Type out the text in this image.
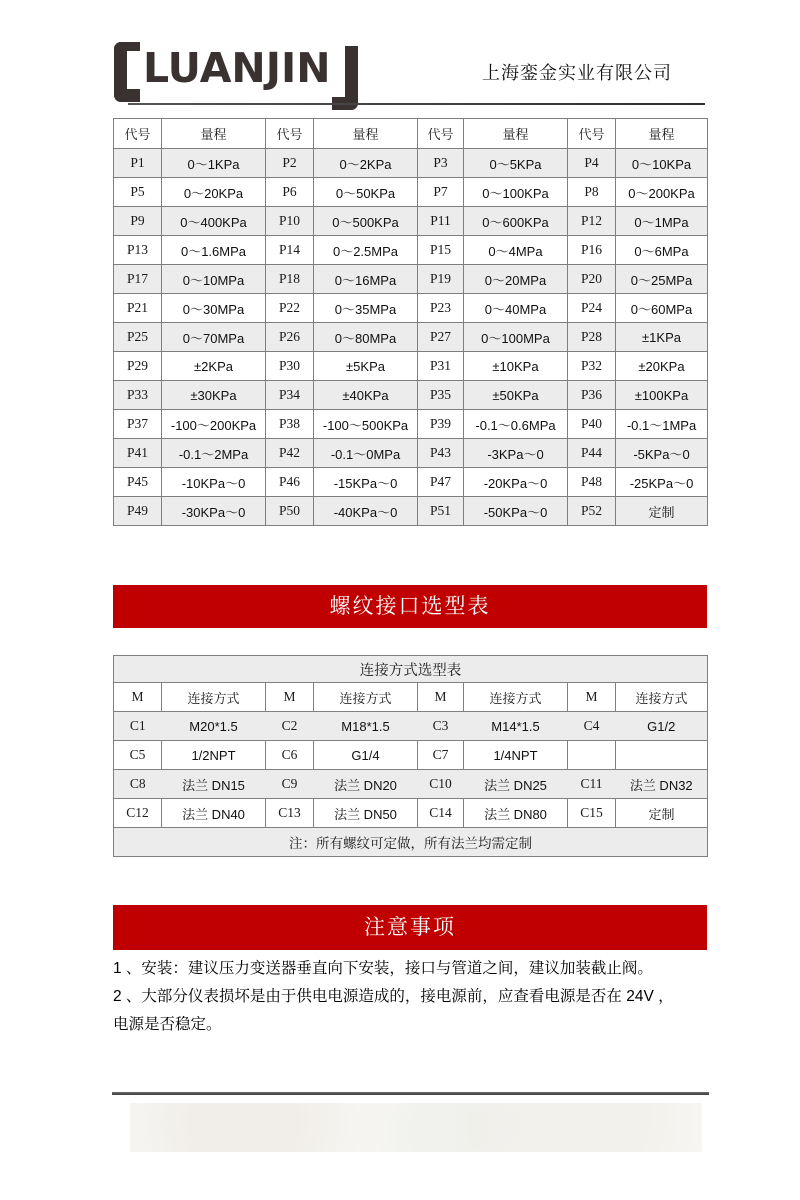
LUANJIN	上海銮金实业有限公司
代号	量程	代号	量程	代号	量程	代号	量程
P1	0～1KPa	P2	0～2KPa	P3	0～5KPa	P4	0～10KPa
P5	0～20KPa	P6	0～50KPa	P7	0～100KPa	P8	0～200KPa
P9	0～400KPa	P10	0～500KPa	P11	0～600KPa	P12	0～1MPa
P13	0～1.6MPa	P14	0～2.5MPa	P15	0～4MPa	P16	0～6MPa
P17	0～10MPa	P18	0～16MPa	P19	0～20MPa	P20	0～25MPa
P21	0～30MPa	P22	0～35MPa	P23	0～40MPa	P24	0～60MPa
P25	0～70MPa	P26	0～80MPa	P27	0～100MPa	P28	±1KPa
P29	±2KPa	P30	±5KPa	P31	±10KPa	P32	±20KPa
P33	±30KPa	P34	±40KPa	P35	±50KPa	P36	±100KPa
P37	-100～200KPa	P38	-100～500KPa	P39	-0.1～0.6MPa	P40	-0.1～1MPa
P41	-0.1～2MPa	P42	-0.1～0MPa	P43	-3KPa～0	P44	-5KPa～0
P45	-10KPa～0	P46	-15KPa～0	P47	-20KPa～0	P48	-25KPa～0
P49	-30KPa～0	P50	-40KPa～0	P51	-50KPa～0	P52	定制
螺纹接口选型表
连接方式选型表							
M	连接方式	M	连接方式	M	连接方式	M	连接方式
C1	M20*1.5	C2	M18*1.5	C3	M14*1.5	C4	G1/2
C5	1/2NPT	C6	G1/4	C7	1/4NPT		
C8	法兰 DN15	C9	法兰 DN20	C10	法兰 DN25	C11	法兰 DN32
C12	法兰 DN40	C13	法兰 DN50	C14	法兰 DN80	C15	定制
注：所有螺纹可定做，所有法兰均需定制							
注意事项
1 、安装：建议压力变送器垂直向下安装，接口与管道之间，建议加装截止阀。
2 、大部分仪表损坏是由于供电电源造成的，接电源前，应查看电源是否在 24V ，
电源是否稳定。
